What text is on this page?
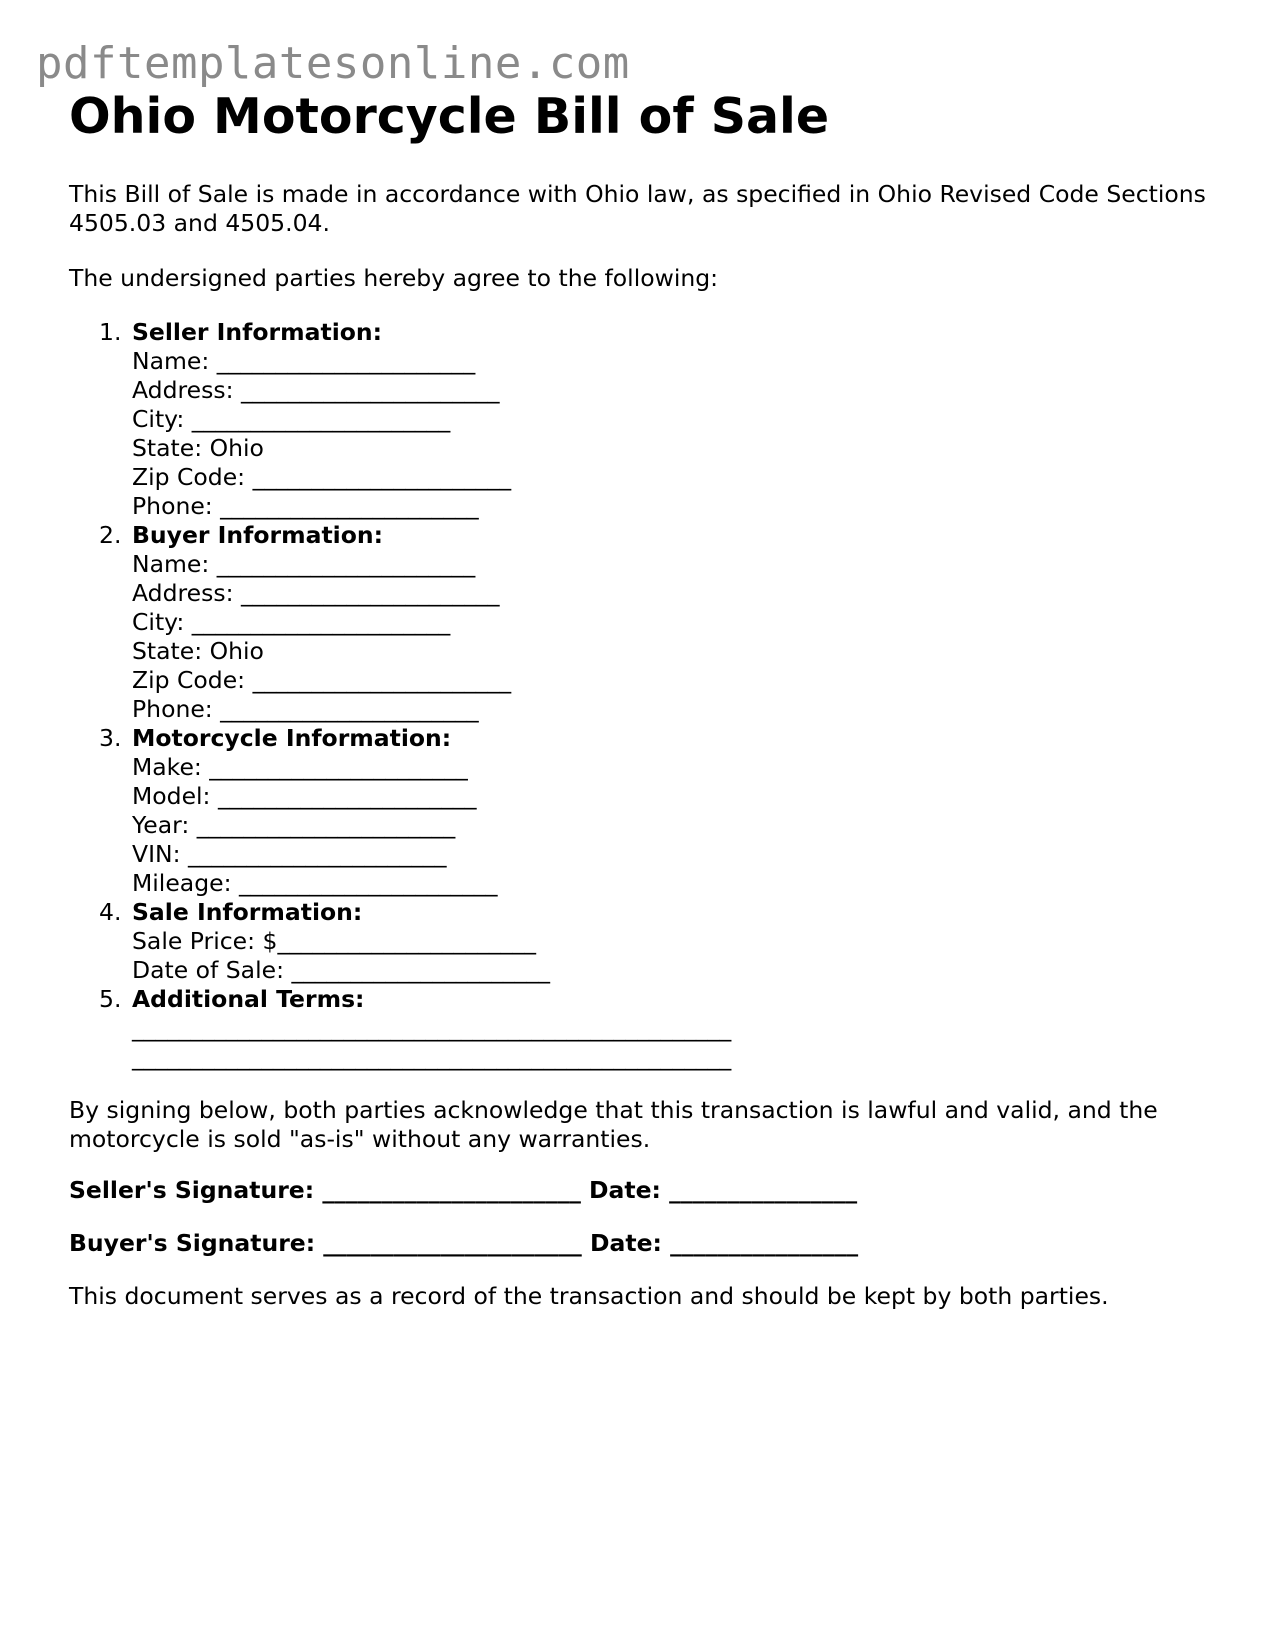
pdftemplatesonline.com
Ohio Motorcycle Bill of Sale

This Bill of Sale is made in accordance with Ohio law, as specified in Ohio Revised Code Sections 4505.03 and 4505.04.

The undersigned parties hereby agree to the following:

1. Seller Information:
Name: ______________________
Address: ______________________
City: ______________________
State: Ohio
Zip Code: ______________________
Phone: ______________________
2. Buyer Information:
Name: ______________________
Address: ______________________
City: ______________________
State: Ohio
Zip Code: ______________________
Phone: ______________________
3. Motorcycle Information:
Make: ______________________
Model: ______________________
Year: ______________________
VIN: ______________________
Mileage: ______________________
4. Sale Information:
Sale Price: $______________________
Date of Sale: ______________________
5. Additional Terms:
___________________________________________________
___________________________________________________

By signing below, both parties acknowledge that this transaction is lawful and valid, and the motorcycle is sold "as-is" without any warranties.

Seller's Signature: ______________________ Date: ________________

Buyer's Signature: ______________________ Date: ________________

This document serves as a record of the transaction and should be kept by both parties.
